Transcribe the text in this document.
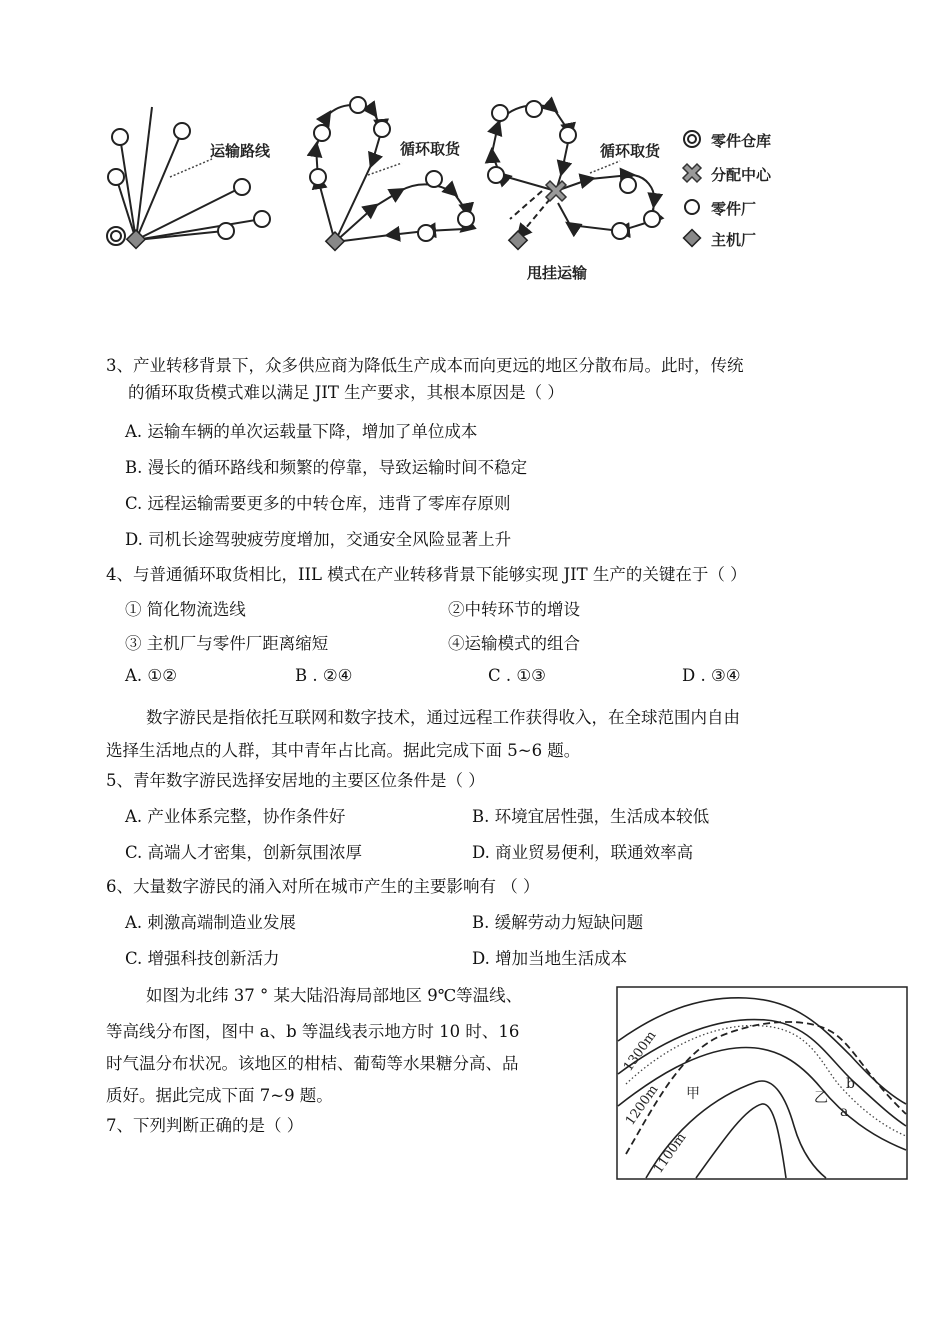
运输路线	循环取货	循环取货
甩挂运输
零件仓库
分配中心
零件厂
主机厂
3、产业转移背景下，众多供应商为降低生产成本而向更远的地区分散布局。此时，传统
的循环取货模式难以满足 JIT 生产要求，其根本原因是（ ）
A. 运输车辆的单次运载量下降，增加了单位成本
B. 漫长的循环路线和频繁的停靠，导致运输时间不稳定
C. 远程运输需要更多的中转仓库，违背了零库存原则
D. 司机长途驾驶疲劳度增加，交通安全风险显著上升
4、与普通循环取货相比，IIL 模式在产业转移背景下能够实现 JIT 生产的关键在于（ ）
① 简化物流选线	②中转环节的增设
③ 主机厂与零件厂距离缩短	④运输模式的组合
A. ①②	B . ②④	C . ①③	D . ③④
数字游民是指依托互联网和数字技术，通过远程工作获得收入，在全球范围内自由
选择生活地点的人群，其中青年占比高。据此完成下面 5~6 题。
5、青年数字游民选择安居地的主要区位条件是（ ）
A. 产业体系完整，协作条件好	B. 环境宜居性强，生活成本较低
C. 高端人才密集，创新氛围浓厚	D. 商业贸易便利，联通效率高
6、大量数字游民的涌入对所在城市产生的主要影响有 （ ）
A. 刺激高端制造业发展	B. 缓解劳动力短缺问题
C. 增强科技创新活力	D. 增加当地生活成本
如图为北纬 37 ° 某大陆沿海局部地区 9℃等温线、
等高线分布图，图中 a、b 等温线表示地方时 10 时、16
时气温分布状况。该地区的柑桔、葡萄等水果糖分高、品
质好。据此完成下面 7~9 题。
7、下列判断正确的是（ ）
1300m
1200m
1100m
甲	乙
b
a
